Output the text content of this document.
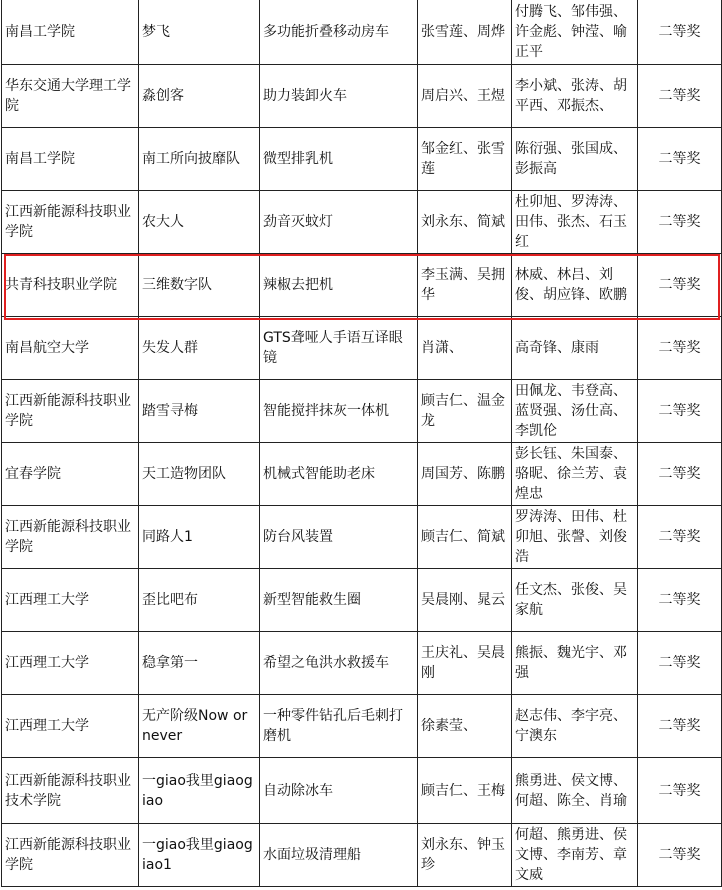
南昌工学院	梦飞	多功能折叠移动房车	张雪莲、周烨	付腾飞、邹伟强、许金彪、钟滢、喻正平	二等奖
华东交通大学理工学院	淼创客	助力装卸火车	周启兴、王煜	李小斌、张涛、胡平西、邓振杰、	二等奖
南昌工学院	南工所向披靡队	微型排乳机	邹金红、张雪莲	陈衍强、张国成、彭振高	二等奖
江西新能源科技职业学院	农大人	劲音灭蚊灯	刘永东、简斌	杜卯旭、罗涛涛、田伟、张杰、石玉红	二等奖
共青科技职业学院	三维数字队	辣椒去把机	李玉满、吴拥华	林威、林吕、刘俊、胡应锋、欧鹏	二等奖
南昌航空大学	失发人群	GTS聋哑人手语互译眼镜	肖潇、	高奇锋、康雨	二等奖
江西新能源科技职业学院	踏雪寻梅	智能搅拌抹灰一体机	顾吉仁、温金龙	田佩龙、韦登高、蓝贤强、汤仕高、李凯伦	二等奖
宜春学院	天工造物团队	机械式智能助老床	周国芳、陈鹏	彭长钰、朱国泰、骆昵、徐兰芳、袁煌忠	二等奖
江西新能源科技职业学院	同路人1	防台风装置	顾吉仁、简斌	罗涛涛、田伟、杜卯旭、张謦、刘俊浩	二等奖
江西理工大学	歪比吧布	新型智能救生圈	吴晨刚、晁云	任文杰、张俊、吴家航	二等奖
江西理工大学	稳拿第一	希望之龟洪水救援车	王庆礼、吴晨刚	熊振、魏光宇、邓强	二等奖
江西理工大学	无产阶级Now or never	一种零件钻孔后毛刺打磨机	徐素莹、	赵志伟、李宇亮、宁澳东	二等奖
江西新能源科技职业技术学院	一giao我里giaogiao	自动除冰车	顾吉仁、王梅	熊勇进、侯文博、何超、陈全、肖瑜	二等奖
江西新能源科技职业学院	一giao我里giaogiao1	水面垃圾清理船	刘永东、钟玉珍	何超、熊勇进、侯文博、李南芳、章文威	二等奖
